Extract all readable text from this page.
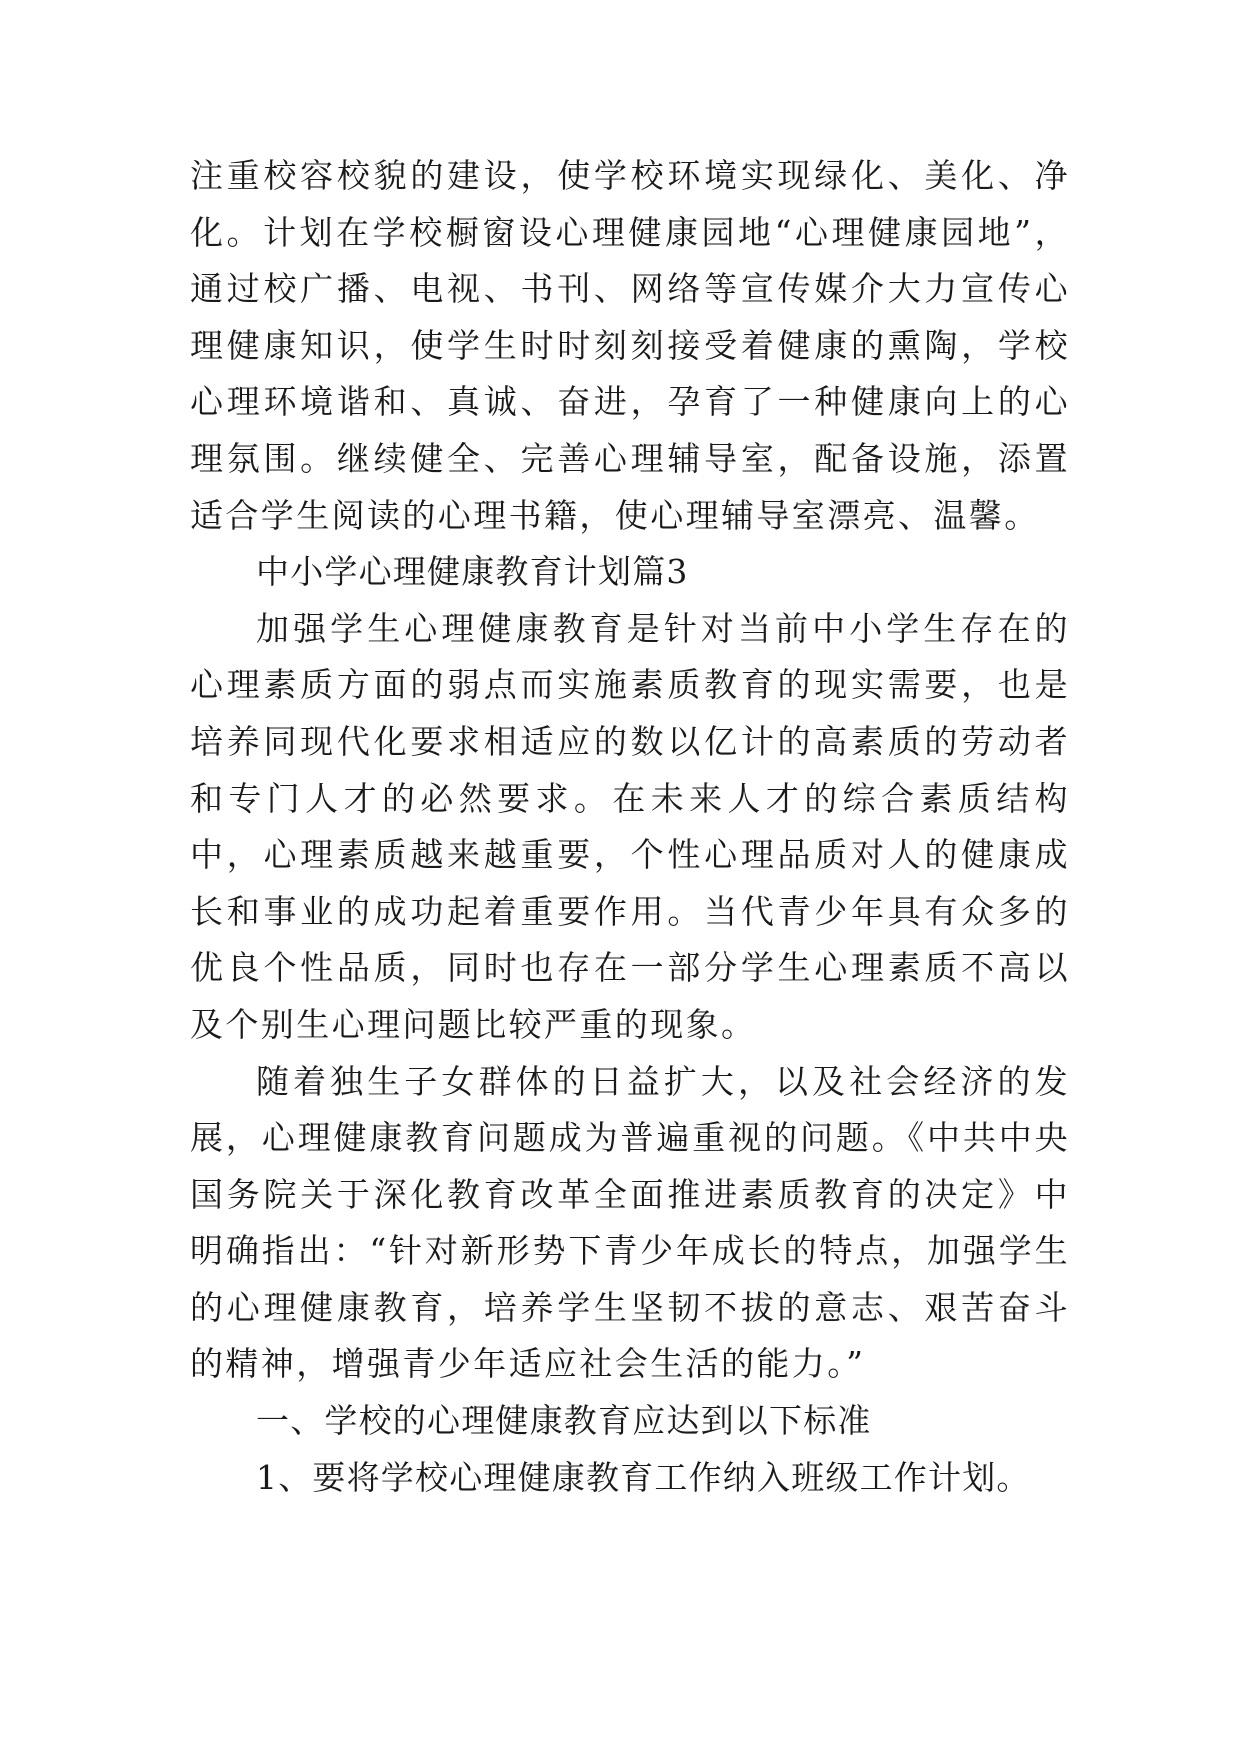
注重校容校貌的建设，使学校环境实现绿化、美化、净化。计划在学校橱窗设心理健康园地“心理健康园地”，通过校广播、电视、书刊、网络等宣传媒介大力宣传心理健康知识，使学生时时刻刻接受着健康的熏陶，学校心理环境谐和、真诚、奋进，孕育了一种健康向上的心理氛围。继续健全、完善心理辅导室，配备设施，添置适合学生阅读的心理书籍，使心理辅导室漂亮、温馨。

中小学心理健康教育计划篇3

加强学生心理健康教育是针对当前中小学生存在的心理素质方面的弱点而实施素质教育的现实需要，也是培养同现代化要求相适应的数以亿计的高素质的劳动者和专门人才的必然要求。在未来人才的综合素质结构中，心理素质越来越重要，个性心理品质对人的健康成长和事业的成功起着重要作用。当代青少年具有众多的优良个性品质，同时也存在一部分学生心理素质不高以及个别生心理问题比较严重的现象。

随着独生子女群体的日益扩大，以及社会经济的发展，心理健康教育问题成为普遍重视的问题。《中共中央国务院关于深化教育改革全面推进素质教育的决定》中明确指出：“针对新形势下青少年成长的特点，加强学生的心理健康教育，培养学生坚韧不拔的意志、艰苦奋斗的精神，增强青少年适应社会生活的能力。”

一、学校的心理健康教育应达到以下标准

1、要将学校心理健康教育工作纳入班级工作计划。
